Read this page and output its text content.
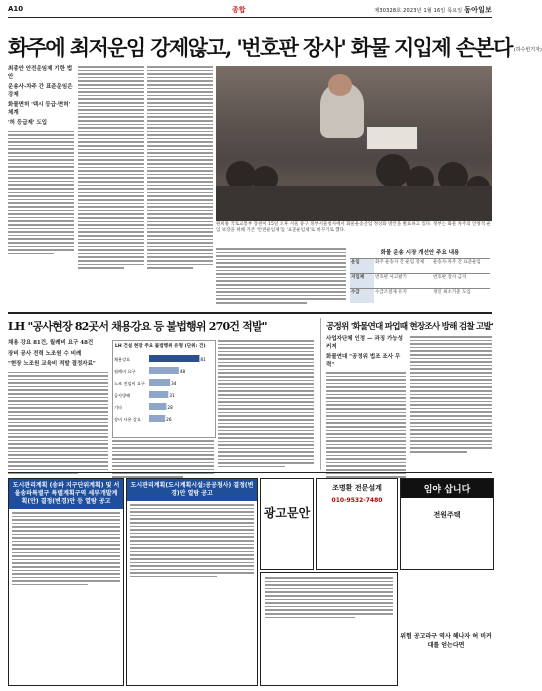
A10	종합	제30328호 2023년 1월 16일 목요일 동아일보
화주에 최저운임 강제않고, '번호판 장사' 화물 지입제 손본다 (하수빈기자)
최종안 안전운임제 기한 법안
운송사-차주 간 표준운임은 강제
화물면허 '택시 등급·면허' 체계
'허 등급제' 도입
원희룡 국토교통부 장관이 15일 오후 서울 중구 정부서울청사에서 화물운송산업 정상화 방안을 발표하고 있다. 정부는 화물 차주의 안정적 운임 보장을 위해 기존 '안전운임제'를 '표준운임제'로 바꾸기로 했다.
화물 운송 시장 개선안 주요 내용
운임	화주 운송사 간 운임 강제	운송사·차주 간 표준운임
지입제	번호판 사고팔기	번호판 장사 금지
수급	수급조절제 유지	개인 최소기준 도입
LH "공사현장 82곳서 채용강요 등 불법행위 270건 적발"
채용 강요 81건, 월례비 요구 48건
장비 공사 전력 노조원 수 비례
"현장 노조원 교육비 적발 결정자료"
LH 건설 현장 주요 불법행위 유형 (단위: 건)
채용강요	81
월례비 요구	48
노조 전임비 요구	34
공사방해	31
기타	28
장비 사용 강요	26
공정위 '화물연대 파업때 현장조사 방해 검찰 고발'
사업자단체 인정 — 과징 가능성 커져
화물연대 "공정위 법조 조사 무력"
도시관리계획 (송파 지구단위계획) 및 서울송파특별구 특별계획구역 세부개발계획(안) 결정(변경)안 등 열람 공고
도시관리계획(도시계획시설:공공청사) 결정(변경)안 열람 공고
광고문안
조명환 전문설계
010-9532-7480
임야 삽니다
전원주택
위험 공고라구 역사 해나자 허 비커대를 얻는다면
